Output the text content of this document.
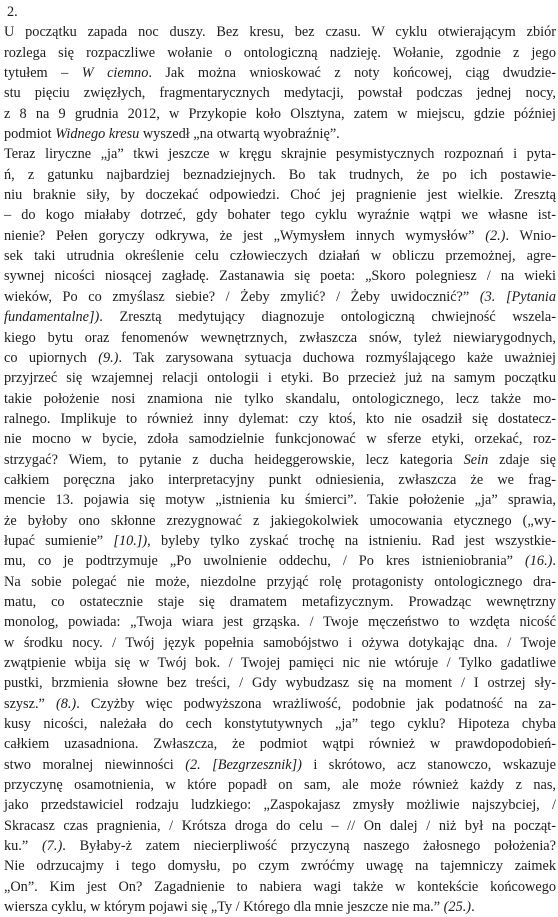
2.
U początku zapada noc duszy. Bez kresu, bez czasu. W cyklu otwierającym zbiór
rozlega się rozpaczliwe wołanie o ontologiczną nadzieję. Wołanie, zgodnie z jego
tytułem – W ciemno. Jak można wnioskować z noty końcowej, ciąg dwudzie-
stu pięciu zwięzłych, fragmentarycznych medytacji, powstał podczas jednej nocy,
z 8 na 9 grudnia 2012, w Przykopie koło Olsztyna, zatem w miejscu, gdzie później
podmiot Widnego kresu wyszedł „na otwartą wyobraźnię”.
Teraz liryczne „ja” tkwi jeszcze w kręgu skrajnie pesymistycznych rozpoznań i pyta-
ń, z gatunku najbardziej beznadziejnych. Bo tak trudnych, że po ich postawie-
niu braknie siły, by doczekać odpowiedzi. Choć jej pragnienie jest wielkie. Zresztą
– do kogo miałaby dotrzeć, gdy bohater tego cyklu wyraźnie wątpi we własne ist-
nienie? Pełen goryczy odkrywa, że jest „Wymysłem innych wymysłów” (2.). Wnio-
sek taki utrudnia określenie celu człowieczych działań w obliczu przemożnej, agre-
sywnej nicości niosącej zagładę. Zastanawia się poeta: „Skoro polegniesz / na wieki
wieków, Po co zmyślasz siebie? / Żeby zmylić? / Żeby uwidocznić?” (3. [Pytania
fundamentalne]). Zresztą medytujący diagnozuje ontologiczną chwiejność wszela-
kiego bytu oraz fenomenów wewnętrznych, zwłaszcza snów, tyleż niewiarygodnych,
co upiornych (9.). Tak zarysowana sytuacja duchowa rozmyślającego każe uważniej
przyjrzeć się wzajemnej relacji ontologii i etyki. Bo przecież już na samym początku
takie położenie nosi znamiona nie tylko skandalu, ontologicznego, lecz także mo-
ralnego. Implikuje to również inny dylemat: czy ktoś, kto nie osadził się dostatecz-
nie mocno w bycie, zdoła samodzielnie funkcjonować w sferze etyki, orzekać, roz-
strzygać? Wiem, to pytanie z ducha heideggerowskie, lecz kategoria Sein zdaje się
całkiem poręczna jako interpretacyjny punkt odniesienia, zwłaszcza że we frag-
mencie 13. pojawia się motyw „istnienia ku śmierci”. Takie położenie „ja” sprawia,
że byłoby ono skłonne zrezygnować z jakiegokolwiek umocowania etycznego („wy-
łupać sumienie” [10.]), byleby tylko zyskać trochę na istnieniu. Rad jest wszystkie-
mu, co je podtrzymuje „Po uwolnienie oddechu, / Po kres istnieniobrania” (16.).
Na sobie polegać nie może, niezdolne przyjąć rolę protagonisty ontologicznego dra-
matu, co ostatecznie staje się dramatem metafizycznym. Prowadząc wewnętrzny
monolog, powiada: „Twoja wiara jest grząska. / Twoje męczeństwo to wzdęta nicość
w środku nocy. / Twój język popełnia samobójstwo i ożywa dotykając dna. / Twoje
zwątpienie wbija się w Twój bok. / Twojej pamięci nic nie wtóruje / Tylko gadatliwe
pustki, brzmienia słowne bez treści, / Gdy wybudzasz się na moment / I ostrzej sły-
szysz.” (8.). Czyżby więc podwyższona wrażliwość, podobnie jak podatność na za-
kusy nicości, należała do cech konstytutywnych „ja” tego cyklu? Hipoteza chyba
całkiem uzasadniona. Zwłaszcza, że podmiot wątpi również w prawdopodobień-
stwo moralnej niewinności (2. [Bezgrzesznik]) i skrótowo, acz stanowczo, wskazuje
przyczynę osamotnienia, w które popadł on sam, ale może również każdy z nas,
jako przedstawiciel rodzaju ludzkiego: „Zaspokajasz zmysły możliwie najszybciej, /
Skracasz czas pragnienia, / Krótsza droga do celu – // On dalej / niż był na począt-
ku.” (7.). Byłaby-ż zatem niecierpliwość przyczyną naszego żałosnego położenia?
Nie odrzucajmy i tego domysłu, po czym zwróćmy uwagę na tajemniczy zaimek
„On”. Kim jest On? Zagadnienie to nabiera wagi także w kontekście końcowego
wiersza cyklu, w którym pojawi się „Ty / Którego dla mnie jeszcze nie ma.” (25.).
